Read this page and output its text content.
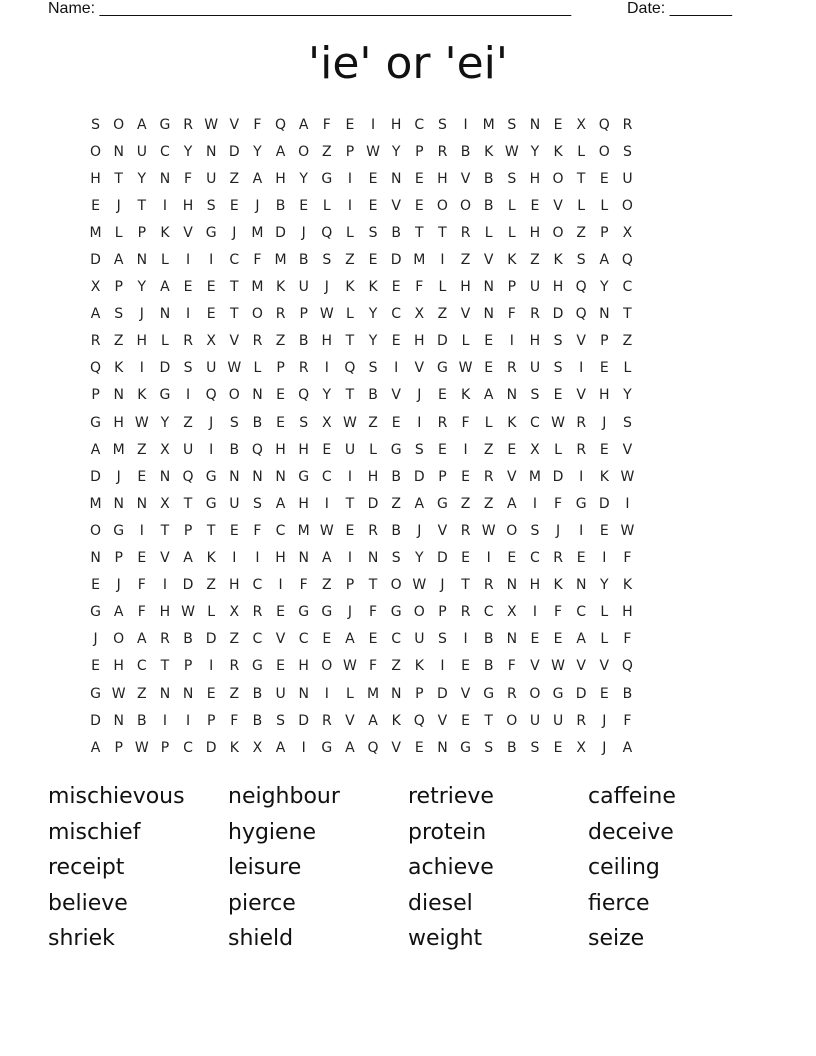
Name: _____________________________________________________	Date: _______
'ie' or 'ei'
S O A G R W V	F Q A	F	E	I	H C S	I	M S N E X Q R
O N U C Y N D Y	A O Z	P W Y	P	R B K W Y	K	L O S
H T	Y N F U Z A H Y G	I	E N E H V B S H O T	E U
E	J	T	I	H S	E	J	B E	L	I	E V E O O B	L	E V	L	L O
M L	P	K V G	J	M D	J	Q L	S B	T	T R	L	L H O Z	P	X
D A N L	I	I	C	F M B S Z E D M	I	Z V K Z K	S A Q
X	P	Y	A E	E	T M K U	J	K K	E	F	L H N P U H Q Y C
A S	J	N	I	E	T O R	P W L	Y C X Z V N F	R D Q N T
R Z H L	R X V R Z B H T	Y	E H D L	E	I	H S V	P	Z
Q K	I	D S U W L	P	R	I	Q S	I	V G W E R U S	I	E	L
P N K G	I	Q O N E Q Y	T	B V	J	E	K A N S	E V H Y
G H W Y	Z	J	S B E	S X W Z E	I	R	F	L	K C W R	J	S
A M Z X U	I	B Q H H E U	L G S	E	I	Z E X	L	R E V
D	J	E N Q G N N N G C	I	H B D P	E R V M D	I	K W
M N N X	T G U S A H	I	T D Z A G Z Z A	I	F G D	I
O G	I	T	P	T	E	F	C M W E R B	J	V R W O S	J	I	E W
N P	E V A K	I	I	H N A	I	N S	Y D E	I	E C R E	I	F
E	J	F	I	D Z H C	I	F	Z	P	T O W	J	T R N H K N Y	K
G A	F H W L	X R E G G	J	F G O P	R C X	I	F	C	L H
J	O A R B D Z C V C E A E C U S	I	B N E	E A	L	F
E H C T	P	I	R G E H O W F	Z K	I	E B	F	V W V V Q
G W Z N N E Z B U N	I	L M N P D V G R O G D E B
D N B	I	I	P	F	B S D R V A K Q V E	T O U U R	J	F
A	P W P	C D K X A	I	G A Q V E N G S B S	E X	J	A
mischievous
mischief
receipt
believe
shriek
neighbour
hygiene
leisure
pierce
shield
retrieve
protein
achieve
diesel
weight
caffeine
deceive
ceiling
fierce
seize
